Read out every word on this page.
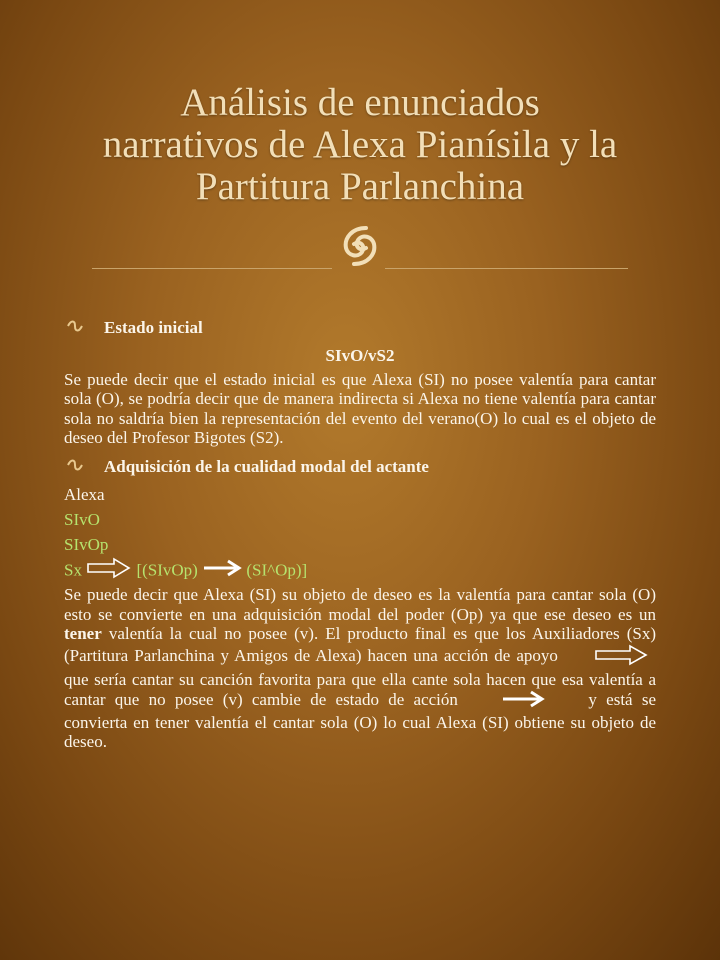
Análisis de enunciados
narrativos de Alexa Pianísila y la
Partitura Parlanchina
Estado inicial
SIvO/vS2

Se puede decir que el estado inicial es que Alexa (SI) no posee valentía para cantar sola (O), se podría decir que de manera indirecta si Alexa no tiene valentía para cantar sola no saldría bien la representación del evento del verano(O) lo cual es el objeto de deseo del Profesor Bigotes (S2).

Adquisición de la cualidad modal del actante
Alexa
SIvO
SIvOp
Sx	[(SIvOp)	(SI^Op)]

Se puede decir que Alexa (SI) su objeto de deseo es la valentía para cantar sola (O) esto se convierte en una adquisición modal del poder (Op) ya que ese deseo es un tener valentía la cual no posee (v). El producto final es que los Auxiliadores (Sx) (Partitura Parlanchina y Amigos de Alexa) hacen una acción de apoyo  que sería cantar su canción favorita para que ella cante sola hacen que esa valentía a cantar que no posee (v) cambie de estado de acción	y está se convierta en tener valentía el cantar sola (O) lo cual Alexa (SI) obtiene su objeto de deseo.
